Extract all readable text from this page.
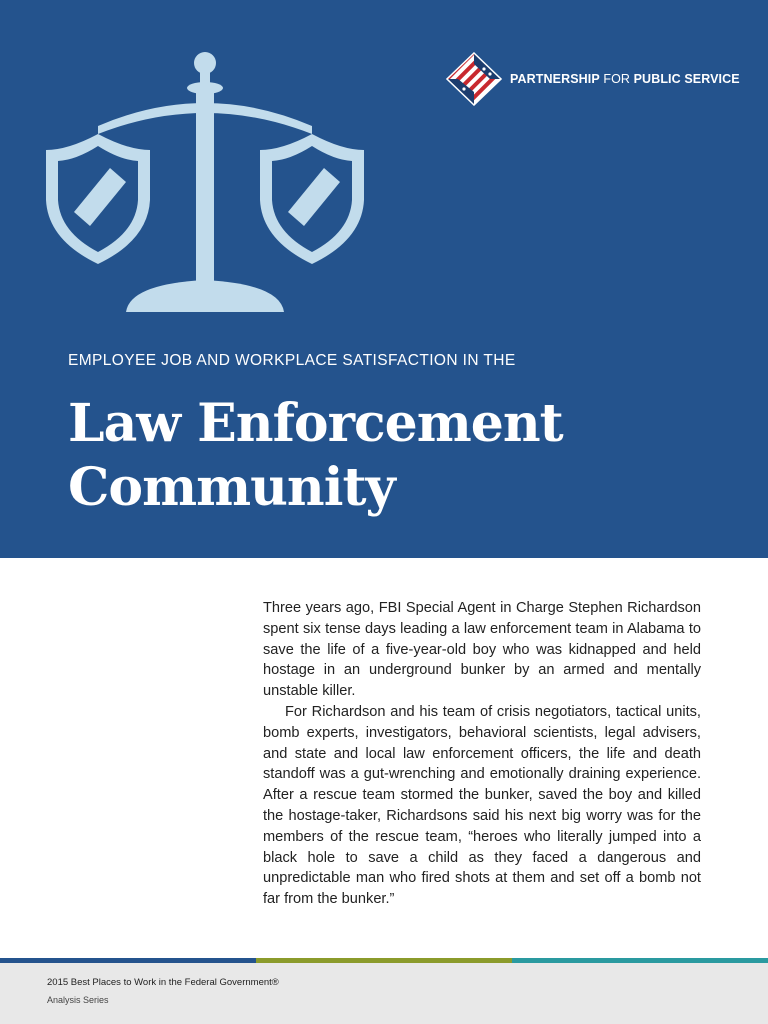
PARTNERSHIP FOR PUBLIC SERVICE
EMPLOYEE JOB AND WORKPLACE SATISFACTION IN THE
Law Enforcement
Community

Three years ago, FBI Special Agent in Charge Stephen Richardson spent six tense days leading a law enforcement team in Alabama to save the life of a five-year-old boy who was kidnapped and held hostage in an underground bunker by an armed and mentally unstable killer.

For Richardson and his team of crisis negotiators, tactical units, bomb experts, investigators, behavioral scientists, legal advisers, and state and local law enforcement officers, the life and death standoff was a gut-wrenching and emotionally draining experience. After a rescue team stormed the bunker, saved the boy and killed the hostage-taker, Richardsons said his next big worry was for the members of the rescue team, “heroes who literally jumped into a black hole to save a child as they faced a dangerous and unpredictable man who fired shots at them and set off a bomb not far from the bunker.”

2015 Best Places to Work in the Federal Government®
Analysis Series
